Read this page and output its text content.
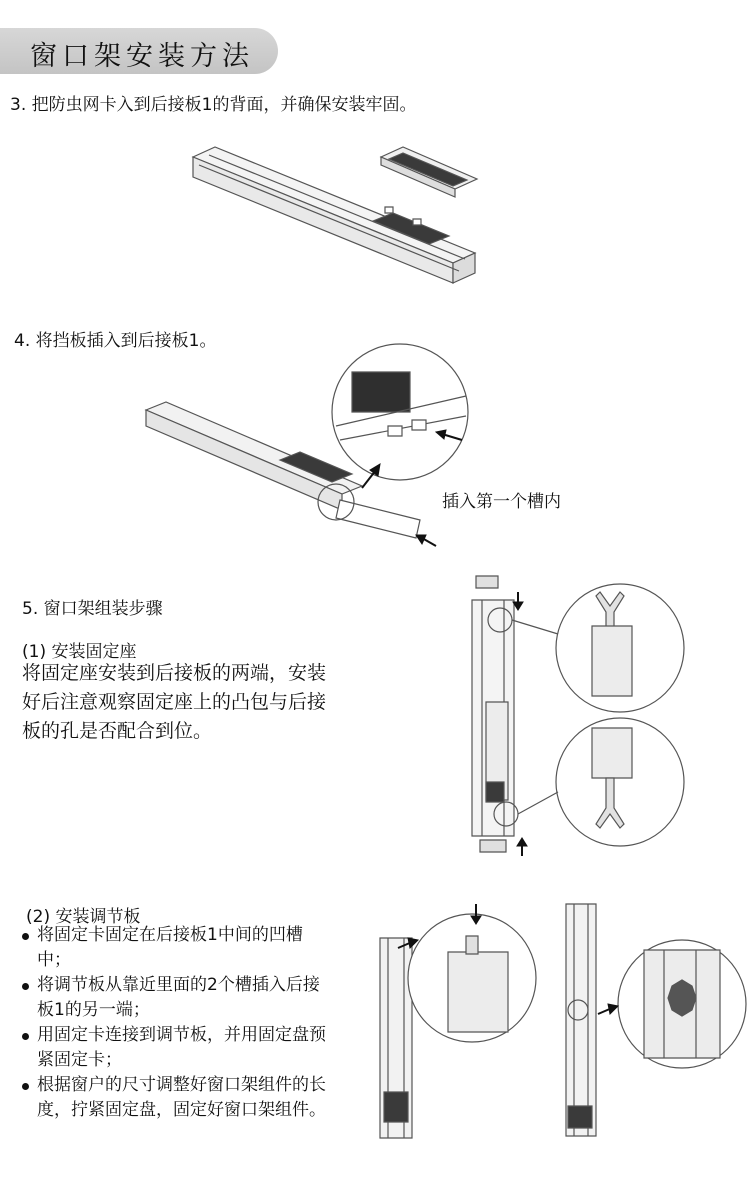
窗口架安装方法
3. 把防虫网卡入到后接板1的背面，并确保安装牢固。
4. 将挡板插入到后接板1。
插入第一个槽内
5. 窗口架组装步骤
(1) 安装固定座
将固定座安装到后接板的两端，安装
好后注意观察固定座上的凸包与后接
板的孔是否配合到位。
(2) 安装调节板
将固定卡固定在后接板1中间的凹槽中；
将调节板从靠近里面的2个槽插入后接板1的另一端；
用固定卡连接到调节板，并用固定盘预紧固定卡；
根据窗户的尺寸调整好窗口架组件的长度，拧紧固定盘，固定好窗口架组件。
